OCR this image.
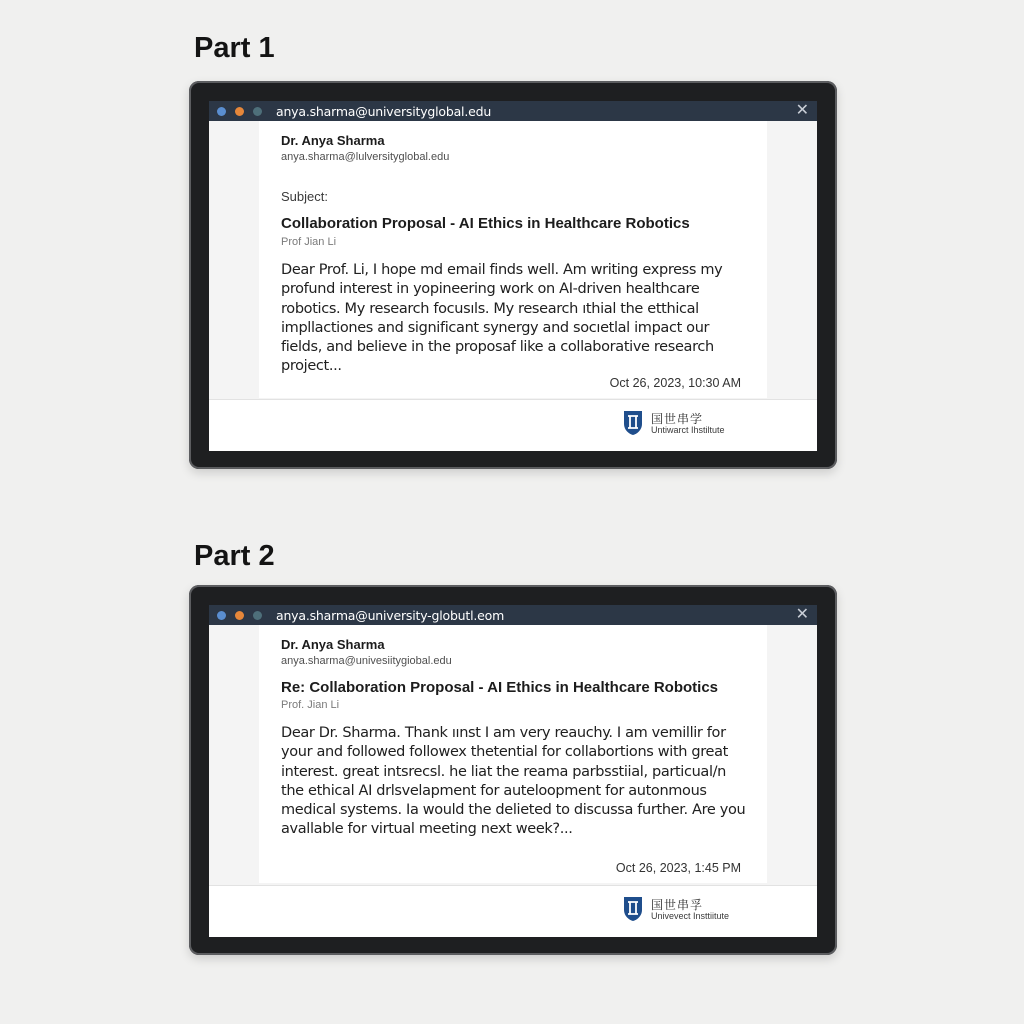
Part 1
anya.sharma@universityglobal.edu	✕
Dr. Anya Sharma
anya.sharma@lulversityglobal.edu
Subject:
Collaboration Proposal - AI Ethics in Healthcare Robotics
Prof Jian Li
Dear Prof. Li, I hope md email finds well. Am writing express my profund interest in yopineering work on AI-driven healthcare robotics. My research focusıls. My research ıthial the etthical impllactiones and significant synergy and socıetlal impact our fields, and believe in the proposaf like a collaborative research project...
Oct 26, 2023, 10:30 AM
国世串学
Untiwarct Ihstiltute
Part 2
anya.sharma@university-globutl.eom	✕
Dr. Anya Sharma
anya.sharma@univesiitygiobal.edu
Re: Collaboration Proposal - AI Ethics in Healthcare Robotics
Prof. Jian Li
Dear Dr. Sharma. Thank ıınst I am very reauchy. I am vemillir for your and followed followex thetential for collabortions with great interest. great intsrecsl. he liat the reama parbsstiial, particual/n the ethical AI drlsvelapment for auteloopment for autonmous medical systems. Ia would the delieted to discussa further. Are you avallable for virtual meeting next week?...
Oct 26, 2023, 1:45 PM
国世串孚
Univevect Insttiitute
